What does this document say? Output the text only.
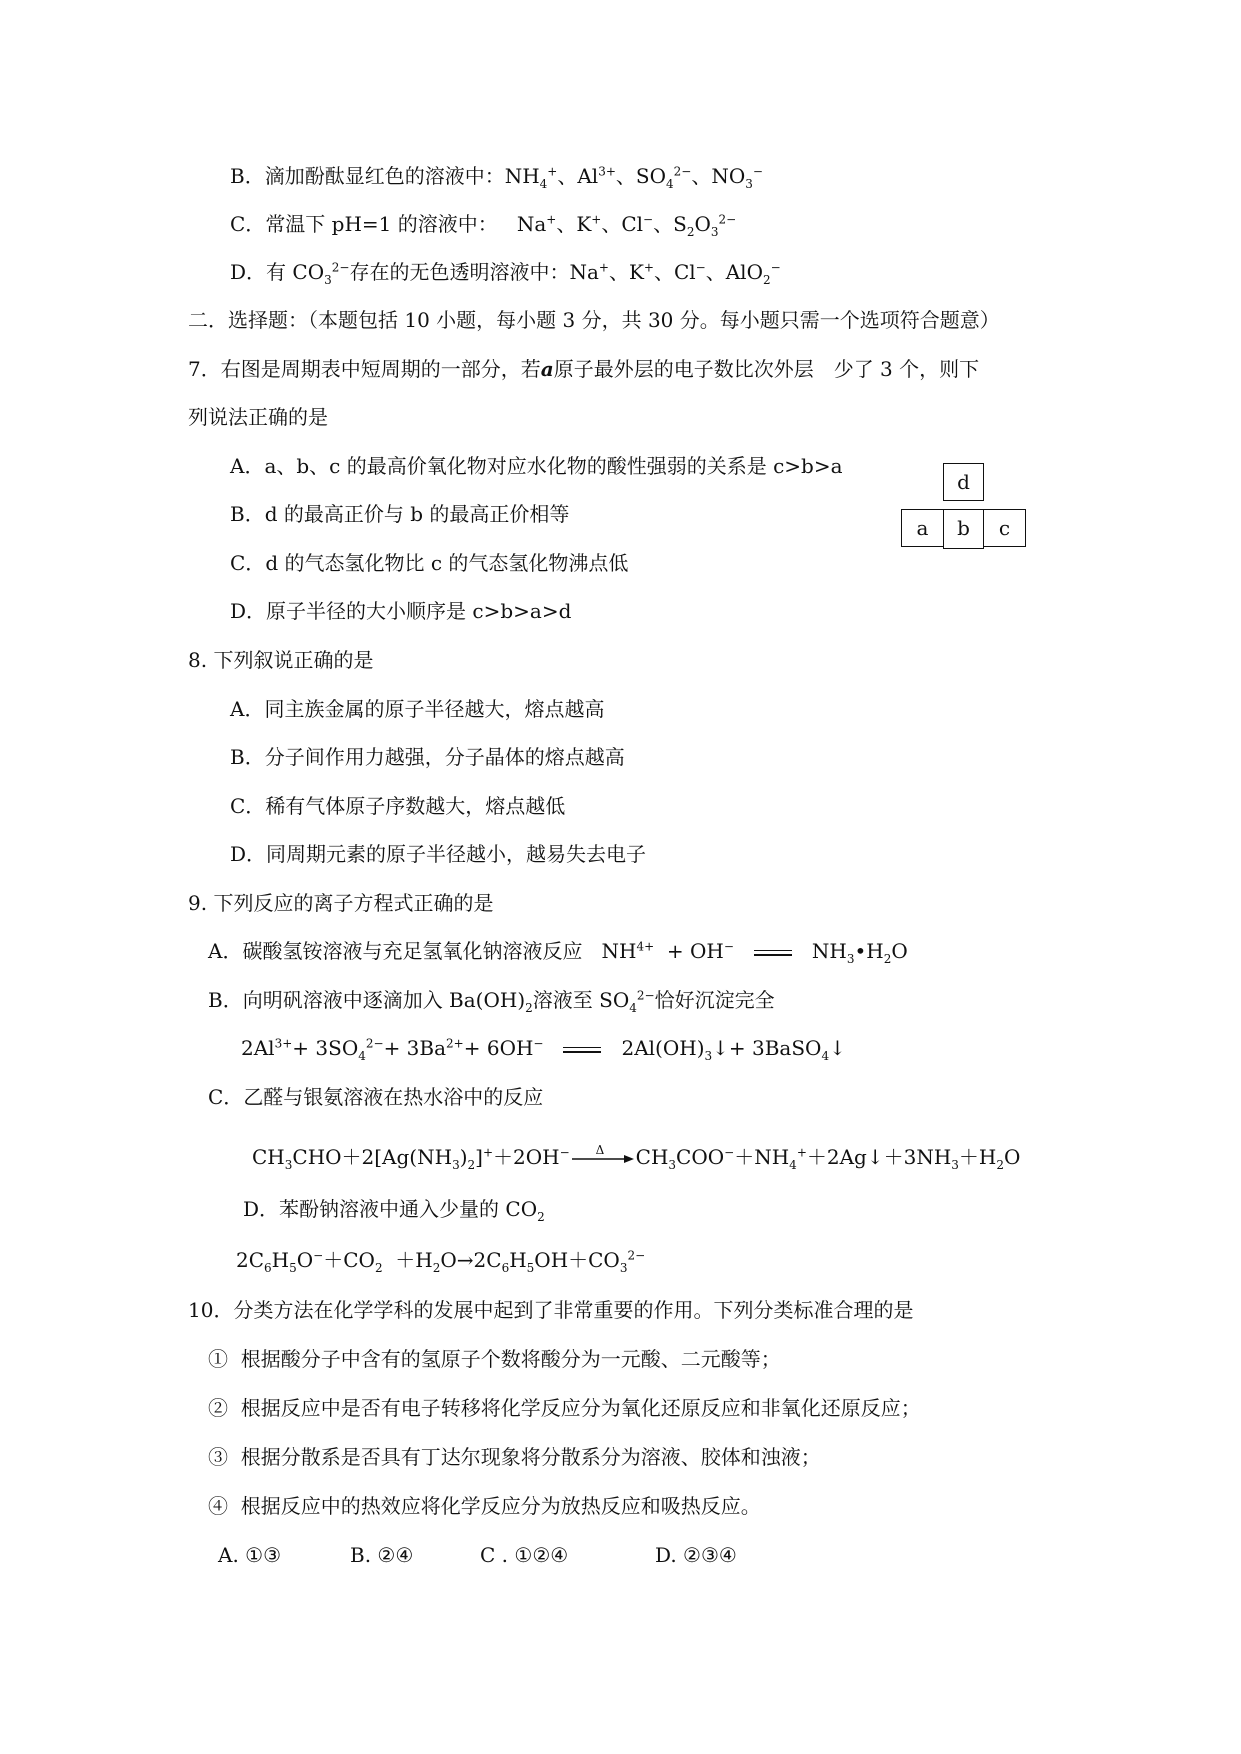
B．滴加酚酞显红色的溶液中：$NH_4^+$、$Al^{3+}$、$SO_4^{2-}$、$NO_3^-$
C．常温下 pH=1 的溶液中：   Na+、K+、Cl−、$S_2O_3^{2-}$
D．有 $CO_3^{2-}$存在的无色透明溶液中：Na+、K+、Cl−、AlO$_2$−
二．选择题：（本题包括 10 小题，每小题 3 分，共 30 分。每小题只需一个选项符合题意）
7．右图是周期表中短周期的一部分，若a原子最外层的电子数比次外层　少了 3 个，则下
列说法正确的是
A．a、b、c 的最高价氧化物对应水化物的酸性强弱的关系是 c>b>a
B．d 的最高正价与 b 的最高正价相等
C．d 的气态氢化物比 c 的气态氢化物沸点低
D．原子半径的大小顺序是 c>b>a>d
d
a	b	c
8. 下列叙说正确的是
A．同主族金属的原子半径越大，熔点越高
B．分子间作用力越强，分子晶体的熔点越高
C．稀有气体原子序数越大，熔点越低
D．同周期元素的原子半径越小，越易失去电子
9. 下列反应的离子方程式正确的是
A．碳酸氢铵溶液与充足氢氧化钠溶液反应   $NH^{4+} + OH^-$	$NH_3•H_2O$
B．向明矾溶液中逐滴加入 $Ba(OH)_2$溶液至 $SO_4^{2-}$恰好沉淀完全
$2Al^{3+}+ 3SO_4^{2-}+ 3Ba^{2+}+ 6OH^-$	$2Al(OH)_3↓+$ 3BaSO$_4$↓
C．乙醛与银氨溶液在热水浴中的反应
$CH_3CHO+2[Ag(NH_3)_2]^++2OH^-$ Δ $CH_3COO^-+NH_4^++2Ag↓+3NH_3+H_2O$
D．苯酚钠溶液中通入少量的 $CO_2$
$2C_6H_5O^-+CO_2 +H_2O\to 2C_6H_5OH+CO_3^{2-}$
10．分类方法在化学学科的发展中起到了非常重要的作用。下列分类标准合理的是
① 根据酸分子中含有的氢原子个数将酸分为一元酸、二元酸等；
② 根据反应中是否有电子转移将化学反应分为氧化还原反应和非氧化还原反应；
③ 根据分散系是否具有丁达尔现象将分散系分为溶液、胶体和浊液；
④ 根据反应中的热效应将化学反应分为放热反应和吸热反应。
A. ①③	B. ②④	C . ①②④	D. ②③④
